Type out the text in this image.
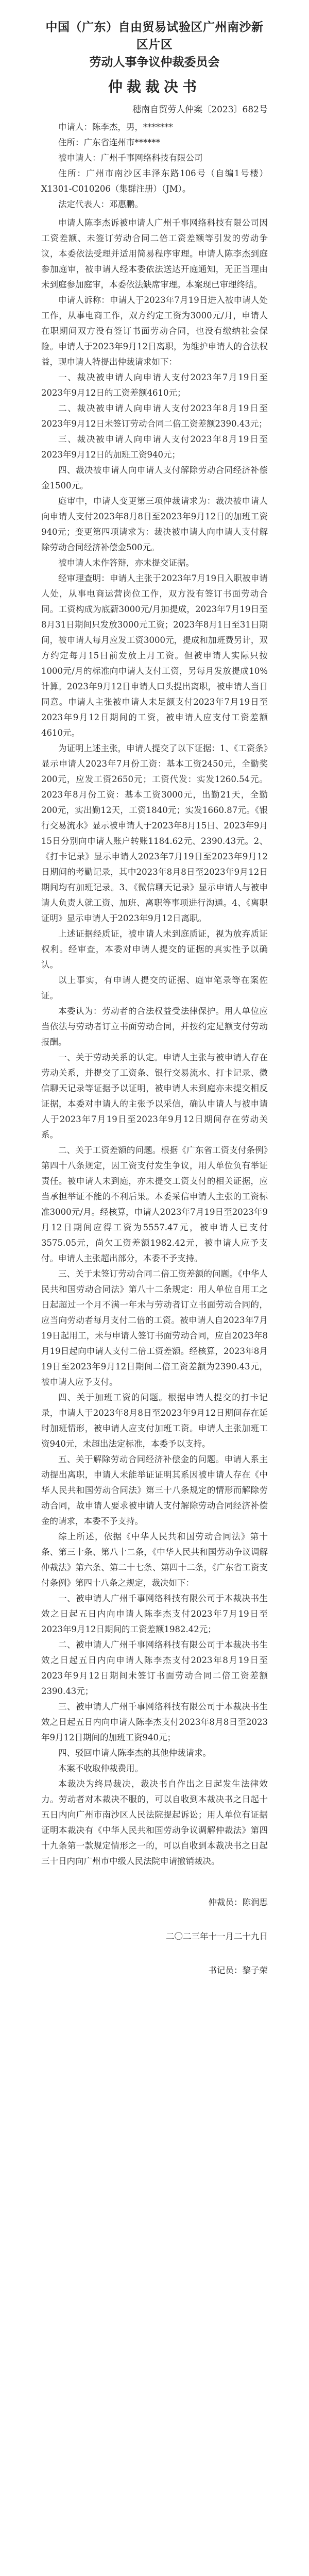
中国（广东）自由贸易试验区广州南沙新区片区
劳动人事争议仲裁委员会
仲裁裁决书
穗南自贸劳人仲案〔2023〕682号

申请人：陈李杰，男，*******

住所：广东省连州市******

被申请人：广州千事网络科技有限公司

住所：广州市南沙区丰泽东路106号（自编1号楼）X1301-C010206（集群注册）（JM）。

法定代表人：邓惠鹏。

申请人陈李杰诉被申请人广州千事网络科技有限公司因工资差额、未签订劳动合同二倍工资差额等引发的劳动争议，本委依法受理并适用简易程序审理。申请人陈李杰到庭参加庭审，被申请人经本委依法送达开庭通知，无正当理由未到庭参加庭审，本委依法缺席审理。本案现已审理终结。

申请人诉称：申请人于2023年7月19日进入被申请人处工作，从事电商工作，双方约定工资为3000元/月，申请人在职期间双方没有签订书面劳动合同，也没有缴纳社会保险。申请人于2023年9月12日离职，为维护申请人的合法权益，现申请人特提出仲裁请求如下：

一、裁决被申请人向申请人支付2023年7月19日至2023年9月12日的工资差额4610元；

二、裁决被申请人向申请人支付2023年8月19日至2023年9月12日未签订劳动合同二倍工资差额2390.43元；

三、裁决被申请人向申请人支付2023年8月19日至2023年9月12日的加班工资940元；

四、裁决被申请人向申请人支付解除劳动合同经济补偿金1500元。

庭审中，申请人变更第三项仲裁请求为：裁决被申请人向申请人支付2023年8月8日至2023年9月12日的加班工资940元；变更第四项请求为：裁决被申请人向申请人支付解除劳动合同经济补偿金500元。

被申请人未作答辩，亦未提交证据。

经审理查明：申请人主张于2023年7月19日入职被申请人处，从事电商运营岗位工作，双方没有签订书面劳动合同。工资构成为底薪3000元/月加提成，2023年7月19日至8月31日期间只发放3000元工资；2023年8月1日至31日期间，被申请人每月应发工资3000元，提成和加班费另计，双方约定每月15日前发放上月工资。但被申请人实际只按1000元/月的标准向申请人支付工资，另每月发放提成10%计算。2023年9月12日申请人口头提出离职，被申请人当日同意。申请人主张被申请人未足额支付2023年7月19日至2023年9月12日期间的工资，被申请人应支付工资差额4610元。

为证明上述主张，申请人提交了以下证据：1、《工资条》显示申请人2023年7月份工资：基本工资2450元，全勤奖200元，应发工资2650元；工资代发：实发1260.54元。2023年8月份工资：基本工资3000元，出勤21天，全勤200元，实出勤12天，工资1840元；实发1660.87元。《银行交易流水》显示被申请人于2023年8月15日、2023年9月15日分别向申请人账户转账1184.62元、2390.43元。2、《打卡记录》显示申请人2023年7月19日至2023年9月12日期间的考勤记录，其中2023年8月8日至2023年9月12日期间均有加班记录。3、《微信聊天记录》显示申请人与被申请人负责人就工资、加班、离职等事项进行沟通。4、《离职证明》显示申请人于2023年9月12日离职。

上述证据经质证，被申请人未到庭质证，视为放弃质证权利。经审查，本委对申请人提交的证据的真实性予以确认。

以上事实，有申请人提交的证据、庭审笔录等在案佐证。

本委认为：劳动者的合法权益受法律保护。用人单位应当依法与劳动者订立书面劳动合同，并按约定足额支付劳动报酬。

一、关于劳动关系的认定。申请人主张与被申请人存在劳动关系，并提交了工资条、银行交易流水、打卡记录、微信聊天记录等证据予以证明，被申请人未到庭亦未提交相反证据，本委对申请人的主张予以采信，确认申请人与被申请人于2023年7月19日至2023年9月12日期间存在劳动关系。

二、关于工资差额的问题。根据《广东省工资支付条例》第四十八条规定，因工资支付发生争议，用人单位负有举证责任。被申请人未到庭，亦未提交工资支付的相关证据，应当承担举证不能的不利后果。本委采信申请人主张的工资标准3000元/月。经核算，申请人2023年7月19日至2023年9月12日期间应得工资为5557.47元，被申请人已支付3575.05元，尚欠工资差额1982.42元，被申请人应予支付。申请人主张超出部分，本委不予支持。

三、关于未签订劳动合同二倍工资差额的问题。《中华人民共和国劳动合同法》第八十二条规定：用人单位自用工之日起超过一个月不满一年未与劳动者订立书面劳动合同的，应当向劳动者每月支付二倍的工资。被申请人自2023年7月19日起用工，未与申请人签订书面劳动合同，应自2023年8月19日起向申请人支付二倍工资差额。经核算，2023年8月19日至2023年9月12日期间二倍工资差额为2390.43元，被申请人应予支付。

四、关于加班工资的问题。根据申请人提交的打卡记录，申请人于2023年8月8日至2023年9月12日期间存在延时加班情形，被申请人应支付加班工资。申请人主张加班工资940元，未超出法定标准，本委予以支持。

五、关于解除劳动合同经济补偿金的问题。申请人系主动提出离职，申请人未能举证证明其系因被申请人存在《中华人民共和国劳动合同法》第三十八条规定的情形而解除劳动合同，故申请人要求被申请人支付解除劳动合同经济补偿金的请求，本委不予支持。

综上所述，依据《中华人民共和国劳动合同法》第十条、第三十条、第八十二条，《中华人民共和国劳动争议调解仲裁法》第六条、第二十七条、第四十二条，《广东省工资支付条例》第四十八条之规定，裁决如下：

一、被申请人广州千事网络科技有限公司于本裁决书生效之日起五日内向申请人陈李杰支付2023年7月19日至2023年9月12日期间的工资差额1982.42元；

二、被申请人广州千事网络科技有限公司于本裁决书生效之日起五日内向申请人陈李杰支付2023年8月19日至2023年9月12日期间未签订书面劳动合同二倍工资差额2390.43元；

三、被申请人广州千事网络科技有限公司于本裁决书生效之日起五日内向申请人陈李杰支付2023年8月8日至2023年9月12日期间的加班工资940元；

四、驳回申请人陈李杰的其他仲裁请求。

本案不收取仲裁费用。

本裁决为终局裁决，裁决书自作出之日起发生法律效力。劳动者对本裁决不服的，可以自收到本裁决书之日起十五日内向广州市南沙区人民法院提起诉讼；用人单位有证据证明本裁决有《中华人民共和国劳动争议调解仲裁法》第四十九条第一款规定情形之一的，可以自收到本裁决书之日起三十日内向广州市中级人民法院申请撤销裁决。

仲裁员：陈润思
二〇二三年十一月二十九日
书记员：黎子荣
